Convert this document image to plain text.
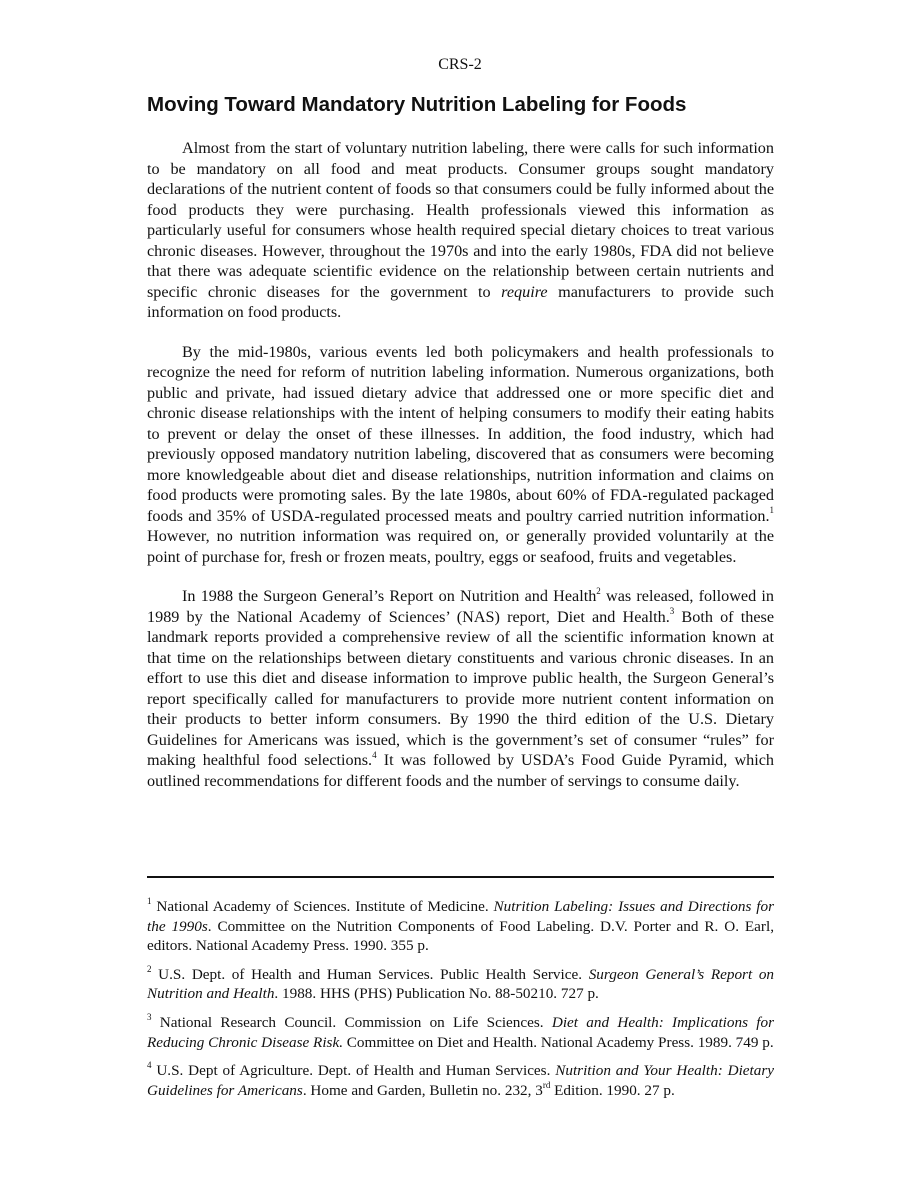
CRS-2
Moving Toward Mandatory Nutrition Labeling for Foods

Almost from the start of voluntary nutrition labeling, there were calls for such information to be mandatory on all food and meat products. Consumer groups sought mandatory declarations of the nutrient content of foods so that consumers could be fully informed about the food products they were purchasing. Health professionals viewed this information as particularly useful for consumers whose health required special dietary choices to treat various chronic diseases. However, throughout the 1970s and into the early 1980s, FDA did not believe that there was adequate scientific evidence on the relationship between certain nutrients and specific chronic diseases for the government to require manufacturers to provide such information on food products.

By the mid-1980s, various events led both policymakers and health professionals to recognize the need for reform of nutrition labeling information. Numerous organizations, both public and private, had issued dietary advice that addressed one or more specific diet and chronic disease relationships with the intent of helping consumers to modify their eating habits to prevent or delay the onset of these illnesses. In addition, the food industry, which had previously opposed mandatory nutrition labeling, discovered that as consumers were becoming more knowledgeable about diet and disease relationships, nutrition information and claims on food products were promoting sales. By the late 1980s, about 60% of FDA-regulated packaged foods and 35% of USDA-regulated processed meats and poultry carried nutrition information.$^1$ However, no nutrition information was required on, or generally provided voluntarily at the point of purchase for, fresh or frozen meats, poultry, eggs or seafood, fruits and vegetables.

In 1988 the Surgeon General’s Report on Nutrition and Health$^2$ was released, followed in 1989 by the National Academy of Sciences’ (NAS) report, Diet and Health.$^3$ Both of these landmark reports provided a comprehensive review of all the scientific information known at that time on the relationships between dietary constituents and various chronic diseases. In an effort to use this diet and disease information to improve public health, the Surgeon General’s report specifically called for manufacturers to provide more nutrient content information on their products to better inform consumers. By 1990 the third edition of the U.S. Dietary Guidelines for Americans was issued, which is the government’s set of consumer “rules” for making healthful food selections.$^4$ It was followed by USDA’s Food Guide Pyramid, which outlined recommendations for different foods and the number of servings to consume daily.

$^1$ National Academy of Sciences. Institute of Medicine. Nutrition Labeling: Issues and Directions for the 1990s. Committee on the Nutrition Components of Food Labeling. D.V. Porter and R. O. Earl, editors. National Academy Press. 1990. 355 p.

$^2$ U.S. Dept. of Health and Human Services. Public Health Service. Surgeon General’s Report on Nutrition and Health. 1988. HHS (PHS) Publication No. 88-50210. 727 p.

$^3$ National Research Council. Commission on Life Sciences. Diet and Health: Implications for Reducing Chronic Disease Risk. Committee on Diet and Health. National Academy Press. 1989. 749 p.

$^4$ U.S. Dept of Agriculture. Dept. of Health and Human Services. Nutrition and Your Health: Dietary Guidelines for Americans. Home and Garden, Bulletin no. 232, 3rd Edition. 1990. 27 p.
